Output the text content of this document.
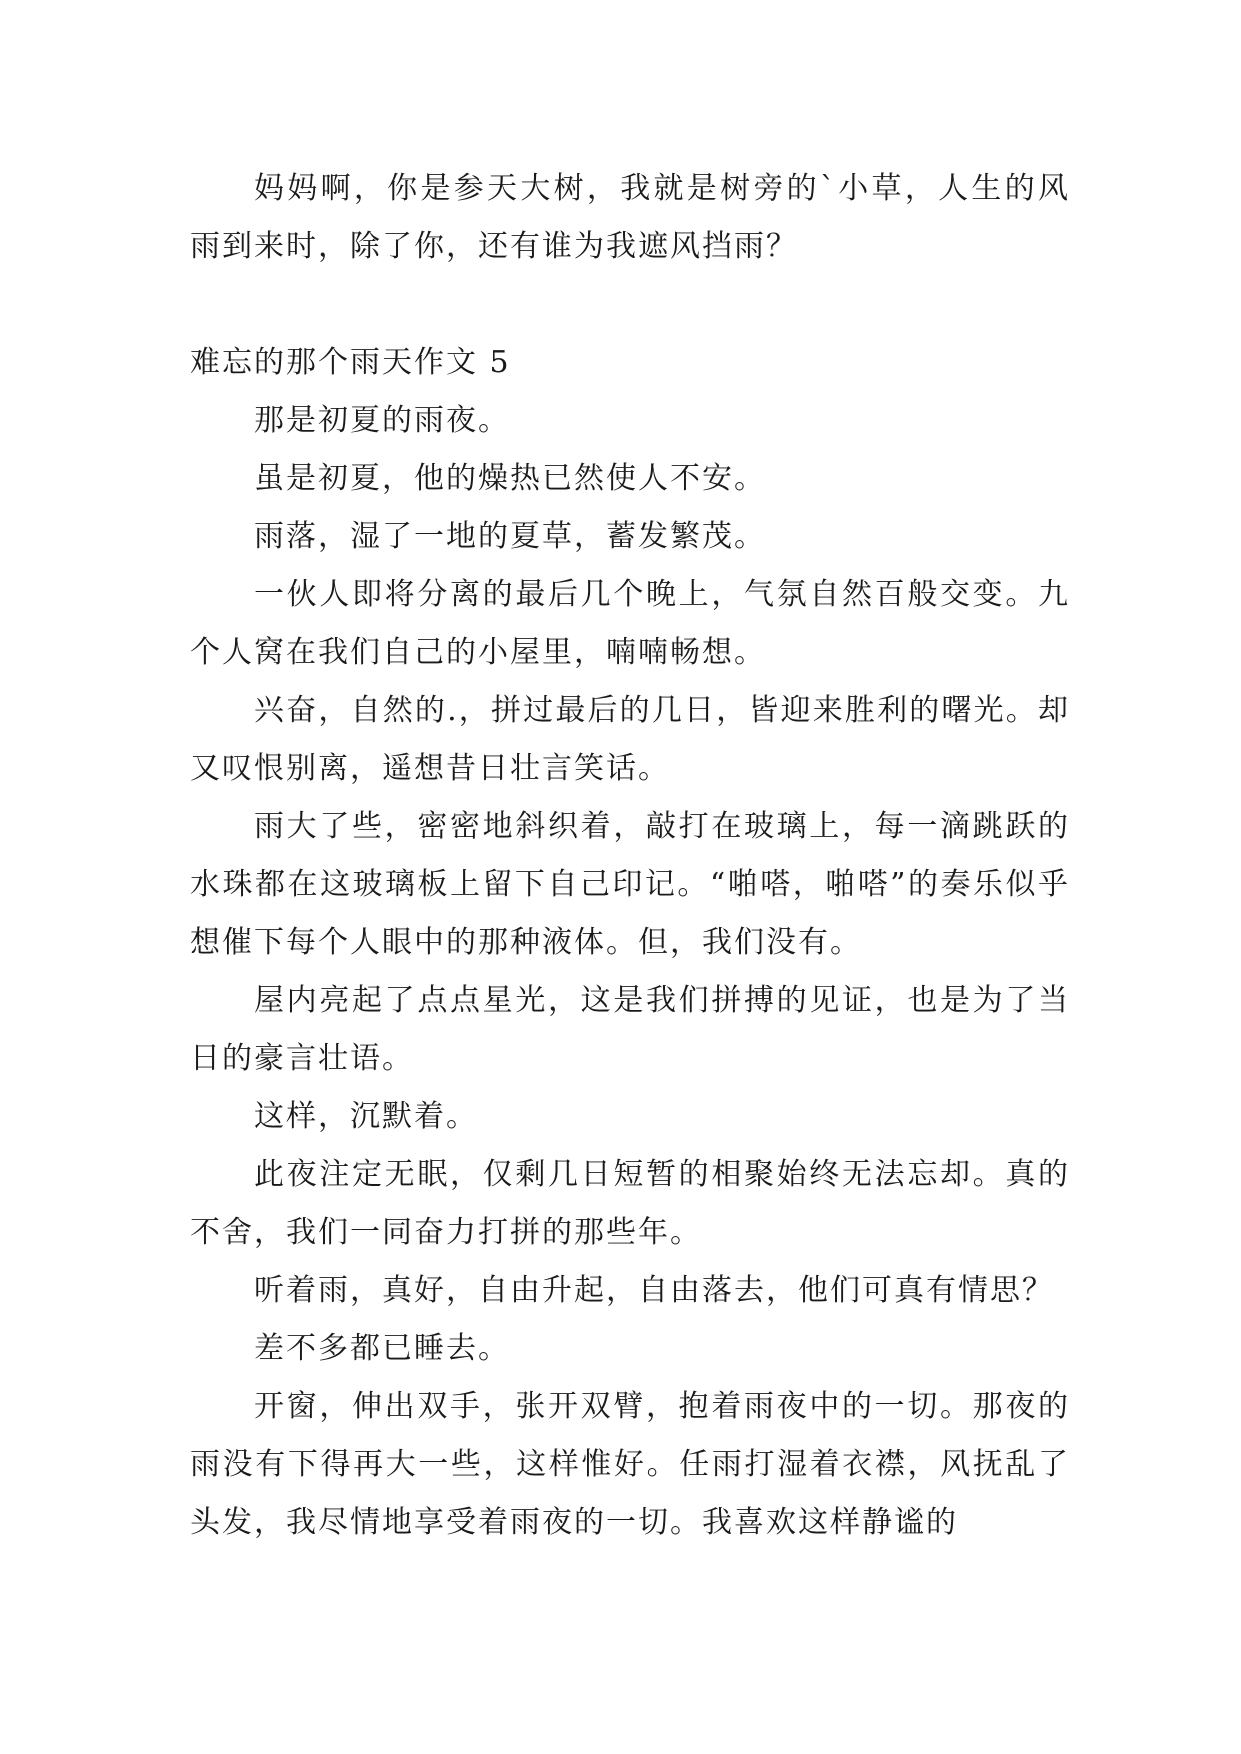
妈妈啊，你是参天大树，我就是树旁的`小草，人生的风雨到来时，除了你，还有谁为我遮风挡雨？

难忘的那个雨天作文 5

那是初夏的雨夜。

虽是初夏，他的燥热已然使人不安。

雨落，湿了一地的夏草，蓄发繁茂。

一伙人即将分离的最后几个晚上，气氛自然百般交变。九个人窝在我们自己的小屋里，喃喃畅想。

兴奋，自然的.，拼过最后的几日，皆迎来胜利的曙光。却又叹恨别离，遥想昔日壮言笑话。

雨大了些，密密地斜织着，敲打在玻璃上，每一滴跳跃的水珠都在这玻璃板上留下自己印记。“啪嗒，啪嗒”的奏乐似乎想催下每个人眼中的那种液体。但，我们没有。

屋内亮起了点点星光，这是我们拼搏的见证，也是为了当日的豪言壮语。

这样，沉默着。

此夜注定无眠，仅剩几日短暂的相聚始终无法忘却。真的不舍，我们一同奋力打拼的那些年。

听着雨，真好，自由升起，自由落去，他们可真有情思？

差不多都已睡去。

开窗，伸出双手，张开双臂，抱着雨夜中的一切。那夜的雨没有下得再大一些，这样惟好。任雨打湿着衣襟，风抚乱了头发，我尽情地享受着雨夜的一切。我喜欢这样静谧的
